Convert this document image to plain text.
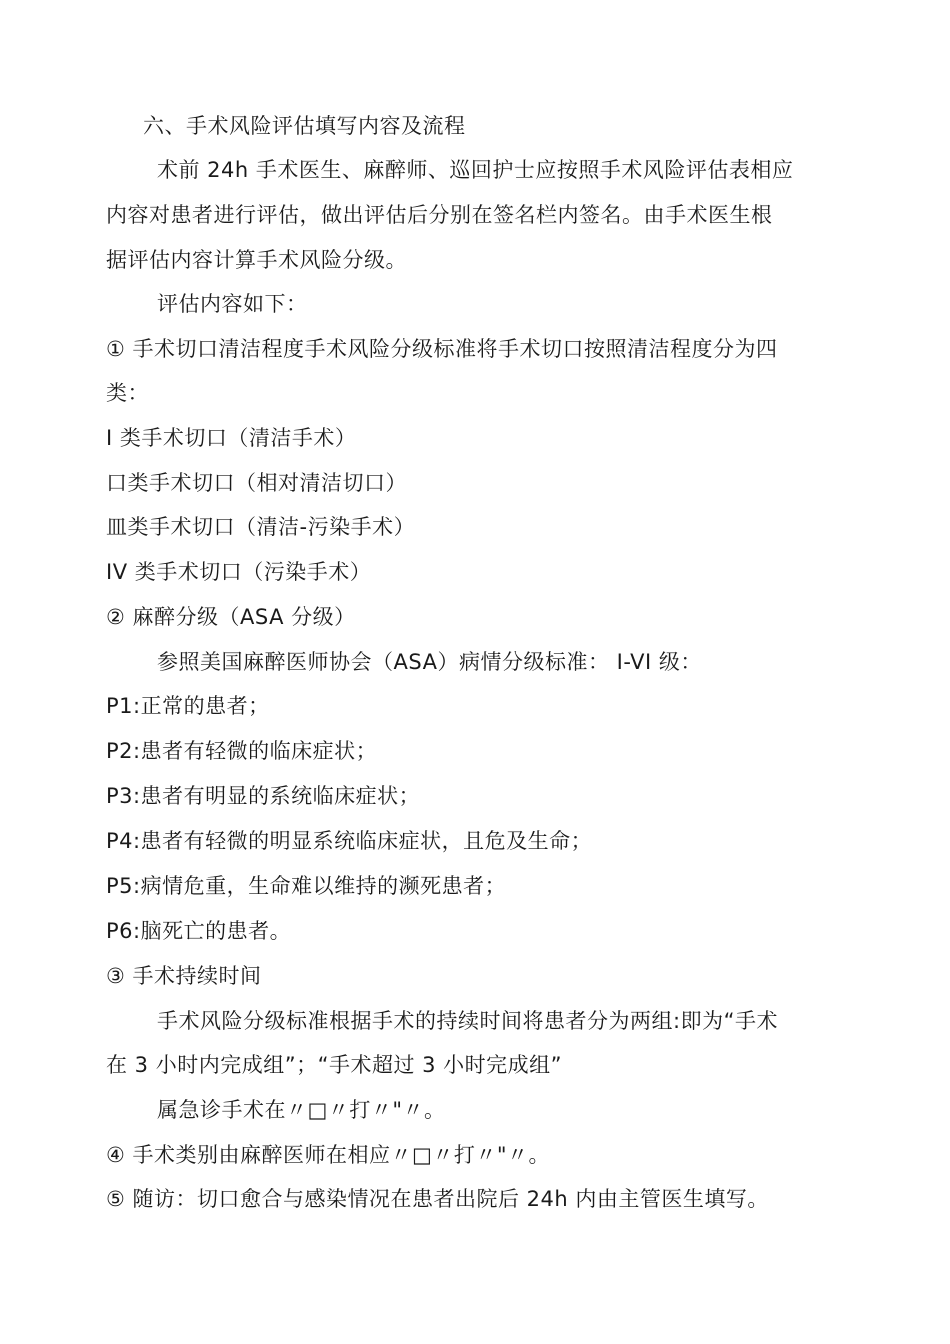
六、手术风险评估填写内容及流程
术前 24h 手术医生、麻醉师、巡回护士应按照手术风险评估表相应
内容对患者进行评估，做出评估后分别在签名栏内签名。由手术医生根
据评估内容计算手术风险分级。
评估内容如下：
① 手术切口清洁程度手术风险分级标准将手术切口按照清洁程度分为四
类：
I 类手术切口（清洁手术）
口类手术切口（相对清洁切口）
皿类手术切口（清洁-污染手术）
IV 类手术切口（污染手术）
② 麻醉分级（ASA 分级）
参照美国麻醉医师协会（ASA）病情分级标准： I-VI 级：
P1:正常的患者；
P2:患者有轻微的临床症状；
P3:患者有明显的系统临床症状；
P4:患者有轻微的明显系统临床症状，且危及生命；
P5:病情危重，生命难以维持的濒死患者；
P6:脑死亡的患者。
③ 手术持续时间
手术风险分级标准根据手术的持续时间将患者分为两组:即为“手术
在 3 小时内完成组”；“手术超过 3 小时完成组”
属急诊手术在〃□〃打〃"〃。
④ 手术类别由麻醉医师在相应〃□〃打〃"〃。
⑤ 随访：切口愈合与感染情况在患者出院后 24h 内由主管医生填写。
